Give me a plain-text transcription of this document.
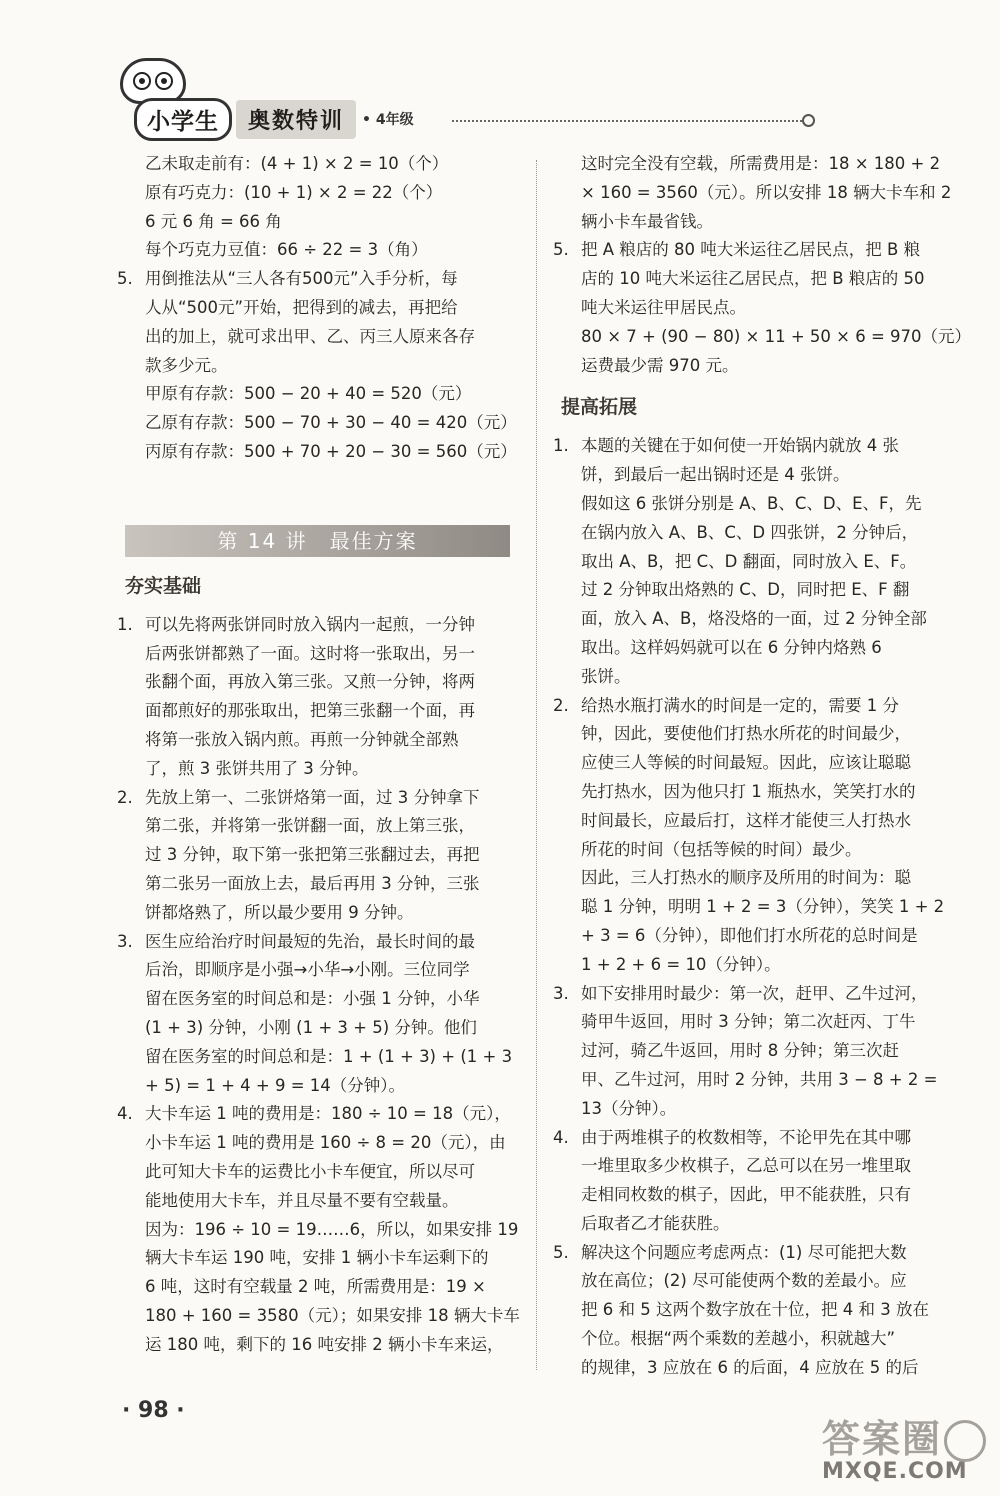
小学生	奥数特训	• 4年级
乙未取走前有：(4 + 1) × 2 = 10（个）
原有巧克力：(10 + 1) × 2 = 22（个）
6 元 6 角 = 66 角
每个巧克力豆值：66 ÷ 22 = 3（角）
5. 用倒推法从“三人各有500元”入手分析，每
人从“500元”开始，把得到的减去，再把给
出的加上，就可求出甲、乙、丙三人原来各存
款多少元。
甲原有存款：500 − 20 + 40 = 520（元）
乙原有存款：500 − 70 + 30 − 40 = 420（元）
丙原有存款：500 + 70 + 20 − 30 = 560（元）
第 14 讲　最佳方案
夯实基础
1. 可以先将两张饼同时放入锅内一起煎，一分钟
后两张饼都熟了一面。这时将一张取出，另一
张翻个面，再放入第三张。又煎一分钟，将两
面都煎好的那张取出，把第三张翻一个面，再
将第一张放入锅内煎。再煎一分钟就全部熟
了，煎 3 张饼共用了 3 分钟。
2. 先放上第一、二张饼烙第一面，过 3 分钟拿下
第二张，并将第一张饼翻一面，放上第三张，
过 3 分钟，取下第一张把第三张翻过去，再把
第二张另一面放上去，最后再用 3 分钟，三张
饼都烙熟了，所以最少要用 9 分钟。
3. 医生应给治疗时间最短的先治，最长时间的最
后治，即顺序是小强→小华→小刚。三位同学
留在医务室的时间总和是：小强 1 分钟，小华
(1 + 3) 分钟，小刚 (1 + 3 + 5) 分钟。他们
留在医务室的时间总和是：1 + (1 + 3) + (1 + 3
+ 5) = 1 + 4 + 9 = 14（分钟）。
4. 大卡车运 1 吨的费用是：180 ÷ 10 = 18（元），
小卡车运 1 吨的费用是 160 ÷ 8 = 20（元），由
此可知大卡车的运费比小卡车便宜，所以尽可
能地使用大卡车，并且尽量不要有空载量。
因为：196 ÷ 10 = 19……6，所以，如果安排 19
辆大卡车运 190 吨，安排 1 辆小卡车运剩下的
6 吨，这时有空载量 2 吨，所需费用是：19 ×
180 + 160 = 3580（元）；如果安排 18 辆大卡车
运 180 吨，剩下的 16 吨安排 2 辆小卡车来运，
这时完全没有空载，所需费用是：18 × 180 + 2
× 160 = 3560（元）。所以安排 18 辆大卡车和 2
辆小卡车最省钱。
5. 把 A 粮店的 80 吨大米运往乙居民点，把 B 粮
店的 10 吨大米运往乙居民点，把 B 粮店的 50
吨大米运往甲居民点。
80 × 7 + (90 − 80) × 11 + 50 × 6 = 970（元）
运费最少需 970 元。
提高拓展
1. 本题的关键在于如何使一开始锅内就放 4 张
饼，到最后一起出锅时还是 4 张饼。
假如这 6 张饼分别是 A、B、C、D、E、F，先
在锅内放入 A、B、C、D 四张饼，2 分钟后，
取出 A、B，把 C、D 翻面，同时放入 E、F。
过 2 分钟取出烙熟的 C、D，同时把 E、F 翻
面，放入 A、B，烙没烙的一面，过 2 分钟全部
取出。这样妈妈就可以在 6 分钟内烙熟 6
张饼。
2. 给热水瓶打满水的时间是一定的，需要 1 分
钟，因此，要使他们打热水所花的时间最少，
应使三人等候的时间最短。因此，应该让聪聪
先打热水，因为他只打 1 瓶热水，笑笑打水的
时间最长，应最后打，这样才能使三人打热水
所花的时间（包括等候的时间）最少。
因此，三人打热水的顺序及所用的时间为：聪
聪 1 分钟，明明 1 + 2 = 3（分钟），笑笑 1 + 2
+ 3 = 6（分钟），即他们打水所花的总时间是
1 + 2 + 6 = 10（分钟）。
3. 如下安排用时最少：第一次，赶甲、乙牛过河，
骑甲牛返回，用时 3 分钟；第二次赶丙、丁牛
过河，骑乙牛返回，用时 8 分钟；第三次赶
甲、乙牛过河，用时 2 分钟，共用 3 − 8 + 2 =
13（分钟）。
4. 由于两堆棋子的枚数相等，不论甲先在其中哪
一堆里取多少枚棋子，乙总可以在另一堆里取
走相同枚数的棋子，因此，甲不能获胜，只有
后取者乙才能获胜。
5. 解决这个问题应考虑两点：(1) 尽可能把大数
放在高位；(2) 尽可能使两个数的差最小。应
把 6 和 5 这两个数字放在十位，把 4 和 3 放在
个位。根据“两个乘数的差越小，积就越大”
的规律，3 应放在 6 的后面，4 应放在 5 的后
· 98 ·
答案圈
MXQE.COM
